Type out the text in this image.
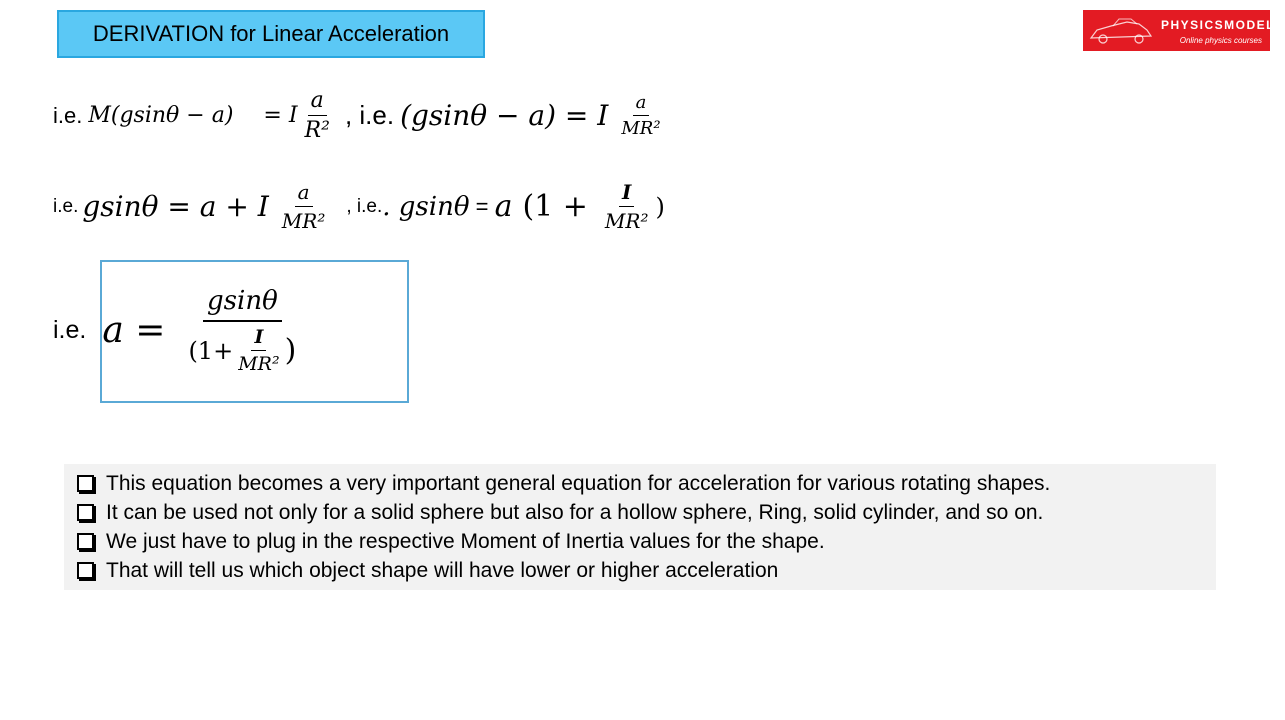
DERIVATION for Linear Acceleration	PHYSICSMODELS
Online physics courses
i.e. M(gsinθ − a) = I $\frac{a}{\text{R²}}$ , i.e. (gsinθ − a) = I $\frac{a}{\text{MR²}}$
i.e. gsinθ = a + I $\frac{a}{\text{MR²}}$ , i.e. . gsinθ = a ($1 + \frac{I}{\text{MR²}}$ )
i.e. $a = \frac{gsin\theta}{(1+ \frac{I}{\text{MR²}} )}$
This equation becomes a very important general equation for acceleration for various rotating shapes.
It can be used not only for a solid sphere but also for a hollow sphere, Ring, solid cylinder, and so on.
We just have to plug in the respective Moment of Inertia values for the shape.
That will tell us which object shape will have lower or higher acceleration
